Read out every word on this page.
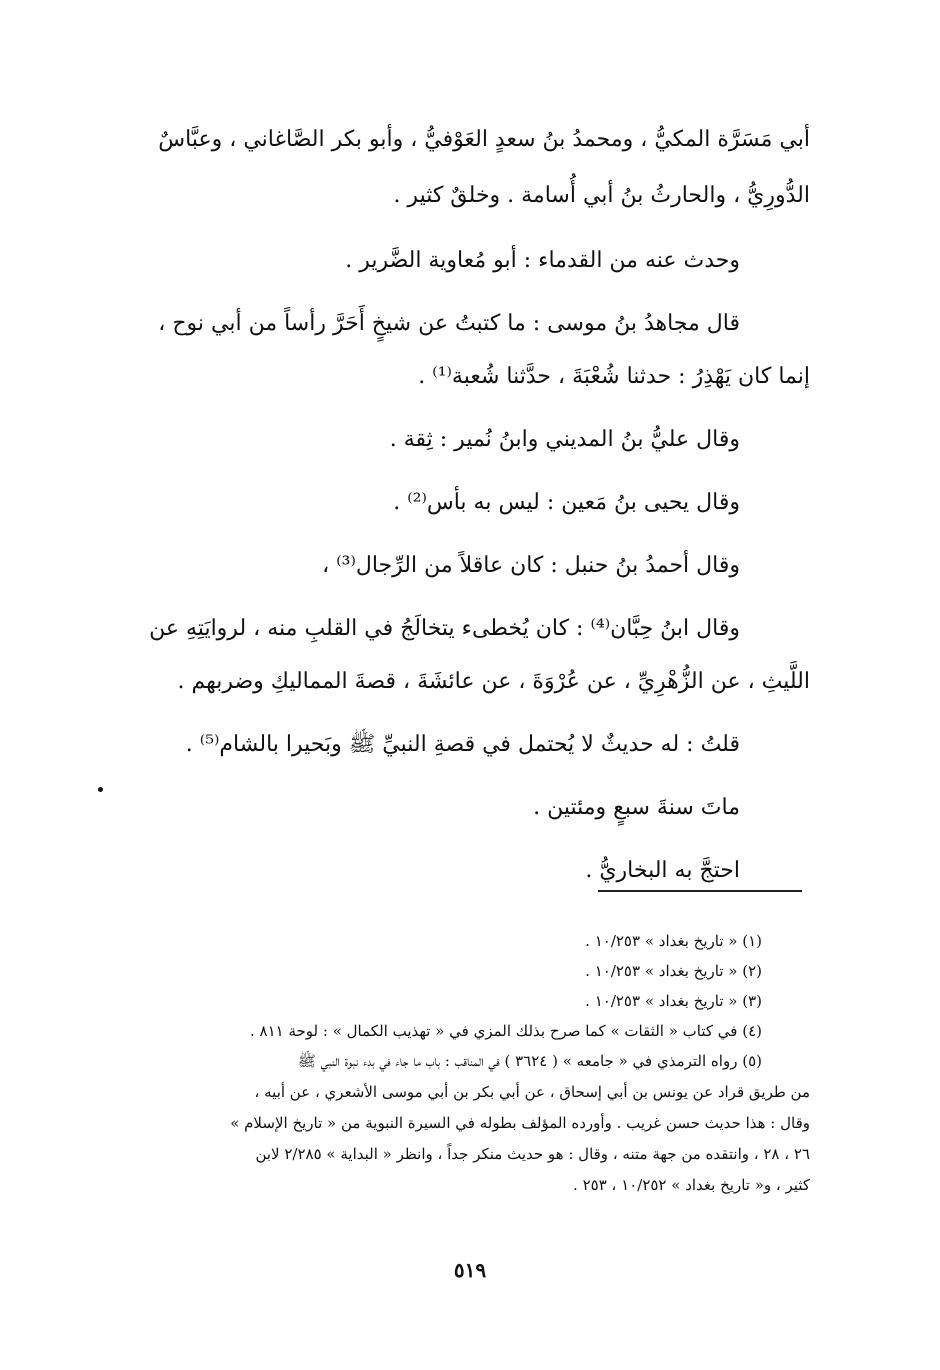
أبي مَسَرَّة المكيُّ ، ومحمدُ بنُ سعدٍ العَوْفيُّ ، وأبو بكر الصَّاغاني ، وعبَّاسٌ
الدُّورِيُّ ، والحارثُ بنُ أبي أُسامة . وخلقٌ كثير .

وحدث عنه من القدماء : أبو مُعاوية الضَّرير .

قال مجاهدُ بنُ موسى : ما كتبتُ عن شيخٍ أَحَرَّ رأساً من أبي نوح ،
إنما كان يَهْذِرُ : حدثنا شُعْبَةَ ، حدَّثنا شُعبة⁽¹⁾ .

وقال عليُّ بنُ المديني وابنُ نُمير : ثِقة .

وقال يحيى بنُ مَعين : ليس به بأس⁽²⁾ .

وقال أحمدُ بنُ حنبل : كان عاقلاً من الرِّجال⁽³⁾ ،

وقال ابنُ حِبَّان⁽⁴⁾ : كان يُخطىء يتخالَجُ في القلبِ منه ، لروايَتِهِ عن
اللَّيثِ ، عن الزُّهْرِيِّ ، عن عُرْوَةَ ، عن عائشَةَ ، قصةَ المماليكِ وضربهم .

قلتُ : له حديثٌ لا يُحتمل في قصةِ النبيِّ ﷺ وبَحيرا بالشام⁽⁵⁾ .

ماتَ سنةَ سبعٍ ومئتين .

احتجَّ به البخاريُّ .

(١) « تاريخ بغداد » ١٠/٢٥٣ .

(٢) « تاريخ بغداد » ١٠/٢٥٣ .

(٣) « تاريخ بغداد » ١٠/٢٥٣ .

(٤) في كتاب « الثقات » كما صرح بذلك المزي في « تهذيب الكمال » : لوحة ٨١١ .

(٥) رواه الترمذي في « جامعه » ( ٣٦٢٤ ) في المناقب : باب ما جاء في بدء نبوة النبي ﷺ
من طريق قراد عن يونس بن أبي إسحاق ، عن أبي بكر بن أبي موسى الأشعري ، عن أبيه ،
وقال : هذا حديث حسن غريب . وأورده المؤلف بطوله في السيرة النبوية من « تاريخ الإسلام »
٢٦ ، ٢٨ ، وانتقده من جهة متنه ، وقال : هو حديث منكر جداً ، وانظر « البداية » ٢/٢٨٥ لابن
كثير ، و« تاريخ بغداد » ١٠/٢٥٢ ، ٢٥٣ .

٥١٩
